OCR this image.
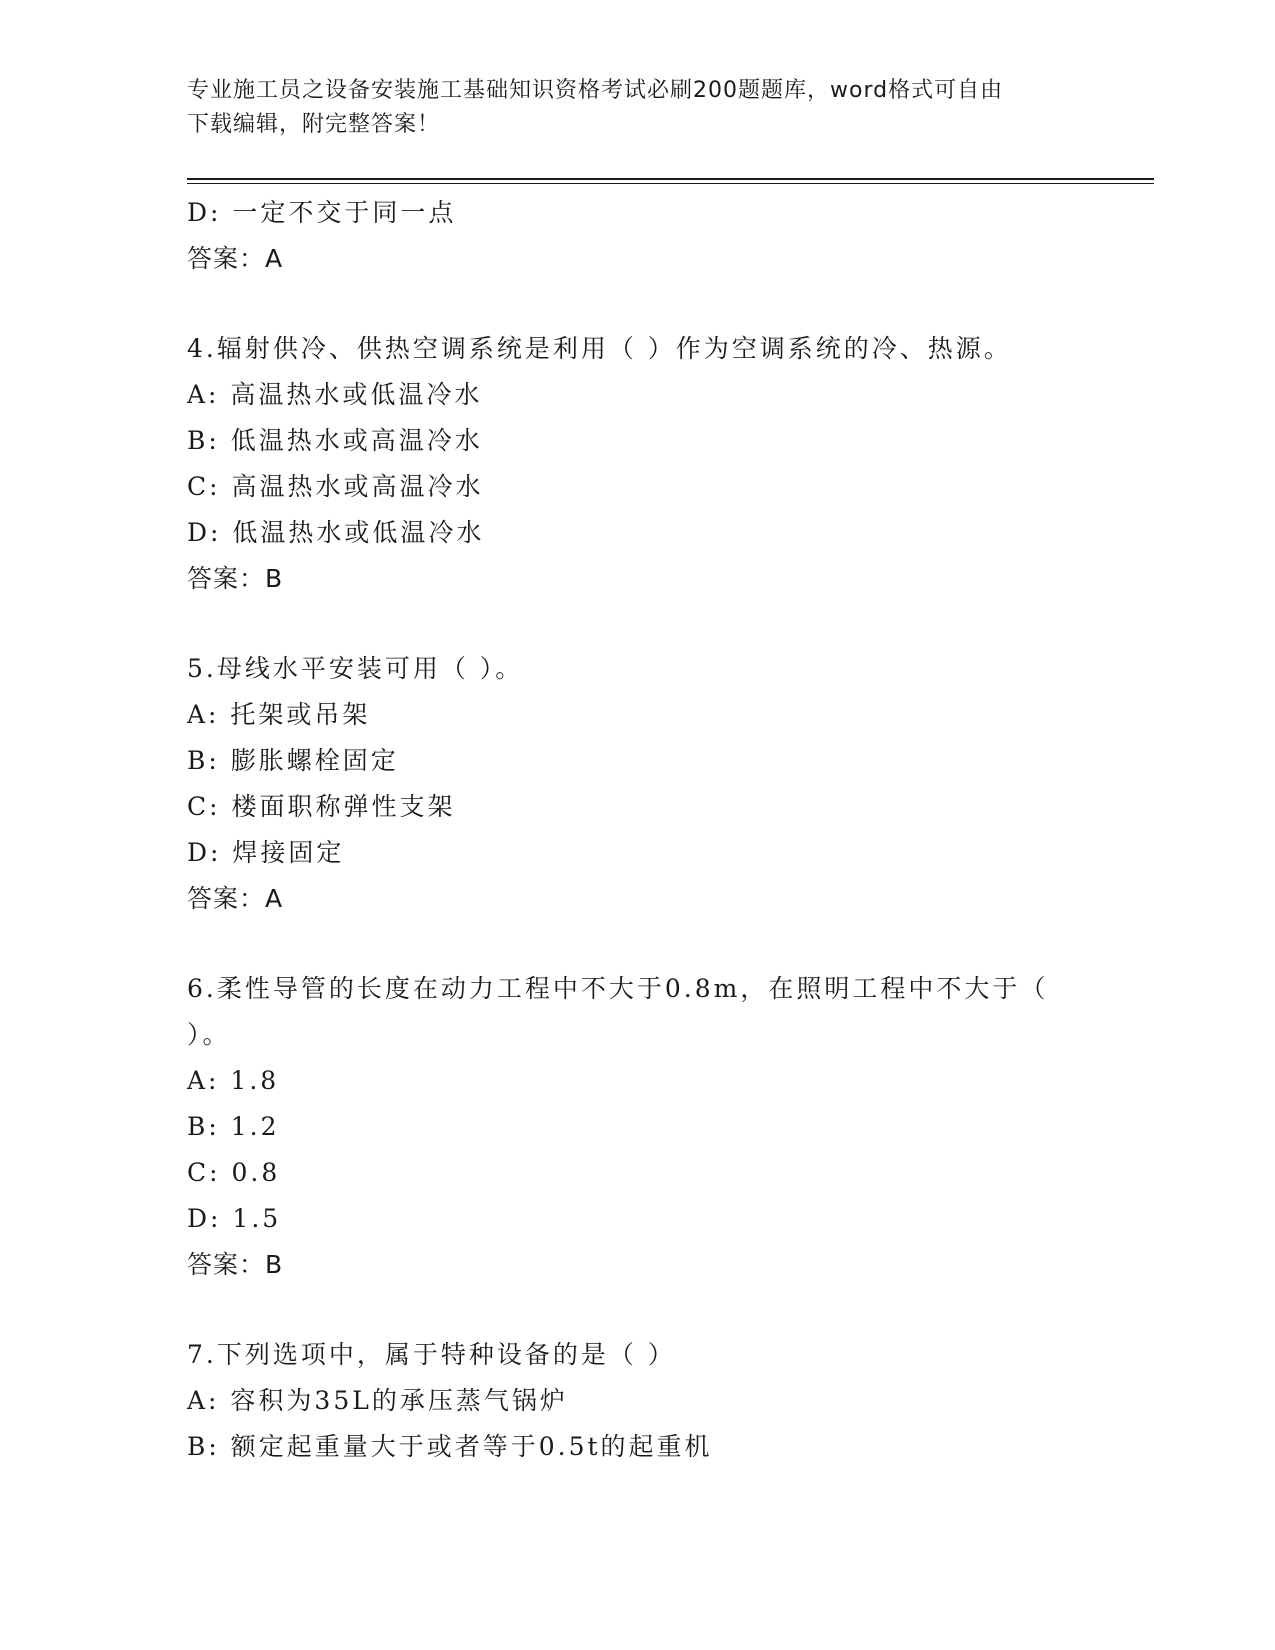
专业施工员之设备安装施工基础知识资格考试必刷200题题库，word格式可自由
下载编辑，附完整答案！
D: 一定不交于同一点
答案：A
4.辐射供冷、供热空调系统是利用（ ）作为空调系统的冷、热源。
A: 高温热水或低温冷水
B: 低温热水或高温冷水
C: 高温热水或高温冷水
D: 低温热水或低温冷水
答案：B
5.母线水平安装可用（ ）。
A: 托架或吊架
B: 膨胀螺栓固定
C: 楼面职称弹性支架
D: 焊接固定
答案：A
6.柔性导管的长度在动力工程中不大于0.8m，在照明工程中不大于（
）。
A: 1.8
B: 1.2
C: 0.8
D: 1.5
答案：B
7.下列选项中，属于特种设备的是（ ）
A: 容积为35L的承压蒸气锅炉
B: 额定起重量大于或者等于0.5t的起重机
